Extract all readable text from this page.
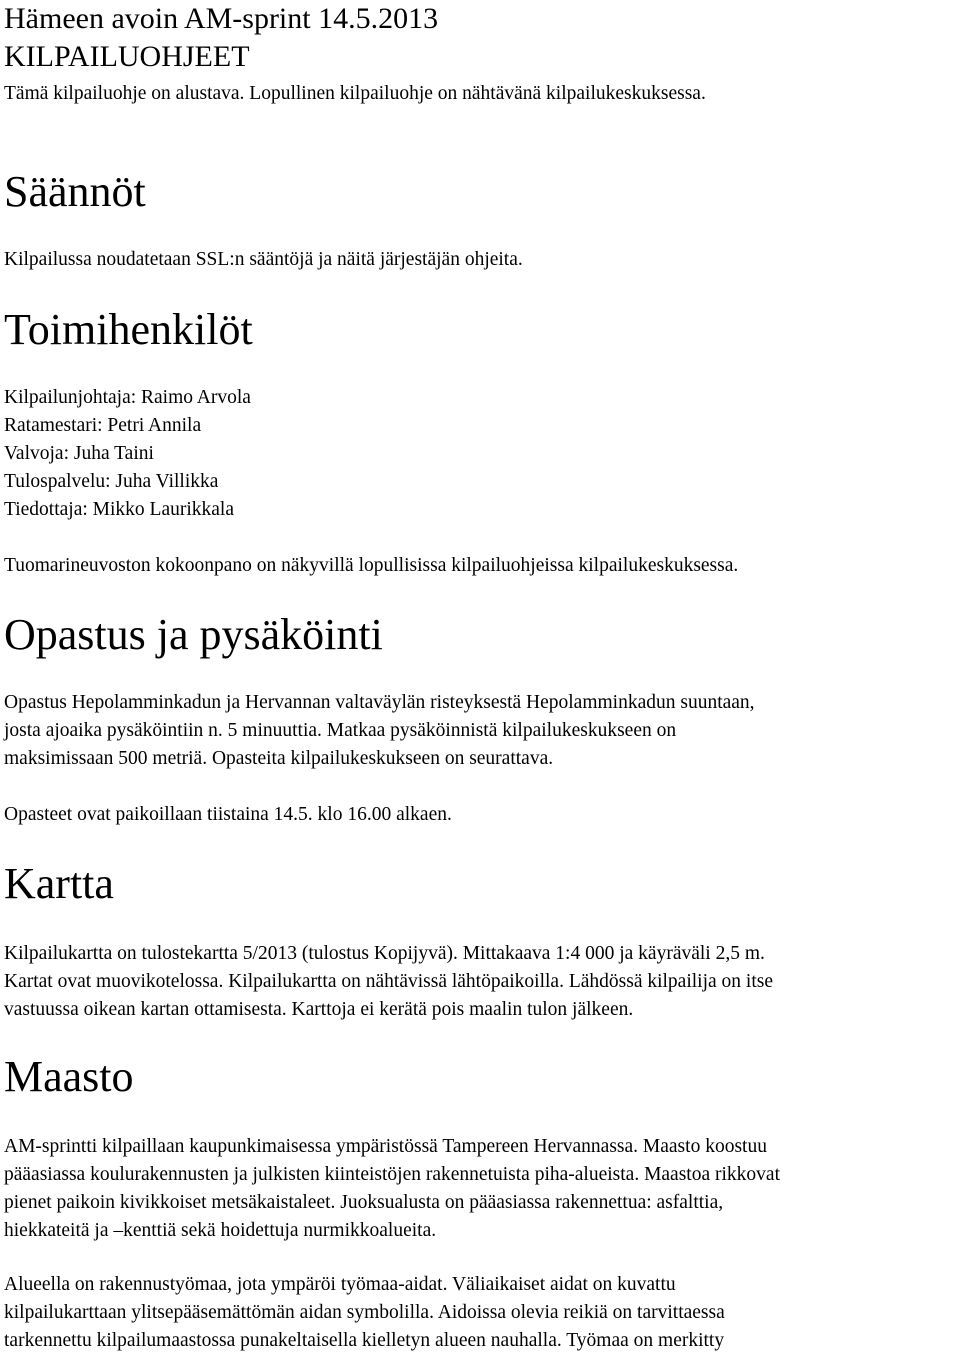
Hämeen avoin AM-sprint 14.5.2013
KILPAILUOHJEET

Tämä kilpailuohje on alustava. Lopullinen kilpailuohje on nähtävänä kilpailukeskuksessa.

Säännöt

Kilpailussa noudatetaan SSL:n sääntöjä ja näitä järjestäjän ohjeita.

Toimihenkilöt
Kilpailunjohtaja: Raimo Arvola
Ratamestari: Petri Annila
Valvoja: Juha Taini
Tulospalvelu: Juha Villikka
Tiedottaja: Mikko Laurikkala

Tuomarineuvoston kokoonpano on näkyvillä lopullisissa kilpailuohjeissa kilpailukeskuksessa.

Opastus ja pysäköinti
Opastus Hepolamminkadun ja Hervannan valtaväylän risteyksestä Hepolamminkadun suuntaan,
josta ajoaika pysäköintiin n. 5 minuuttia. Matkaa pysäköinnistä kilpailukeskukseen on
maksimissaan 500 metriä. Opasteita kilpailukeskukseen on seurattava.

Opasteet ovat paikoillaan tiistaina 14.5. klo 16.00 alkaen.

Kartta
Kilpailukartta on tulostekartta 5/2013 (tulostus Kopijyvä). Mittakaava 1:4 000 ja käyräväli 2,5 m.
Kartat ovat muovikotelossa. Kilpailukartta on nähtävissä lähtöpaikoilla. Lähdössä kilpailija on itse
vastuussa oikean kartan ottamisesta. Karttoja ei kerätä pois maalin tulon jälkeen.
Maasto
AM-sprintti kilpaillaan kaupunkimaisessa ympäristössä Tampereen Hervannassa. Maasto koostuu
pääasiassa koulurakennusten ja julkisten kiinteistöjen rakennetuista piha-alueista. Maastoa rikkovat
pienet paikoin kivikkoiset metsäkaistaleet. Juoksualusta on pääasiassa rakennettua: asfalttia,
hiekkateitä ja –kenttiä sekä hoidettuja nurmikkoalueita.
Alueella on rakennustyömaa, jota ympäröi työmaa-aidat. Väliaikaiset aidat on kuvattu
kilpailukarttaan ylitsepääsemättömän aidan symbolilla. Aidoissa olevia reikiä on tarvittaessa
tarkennettu kilpailumaastossa punakeltaisella kielletyn alueen nauhalla. Työmaa on merkitty
